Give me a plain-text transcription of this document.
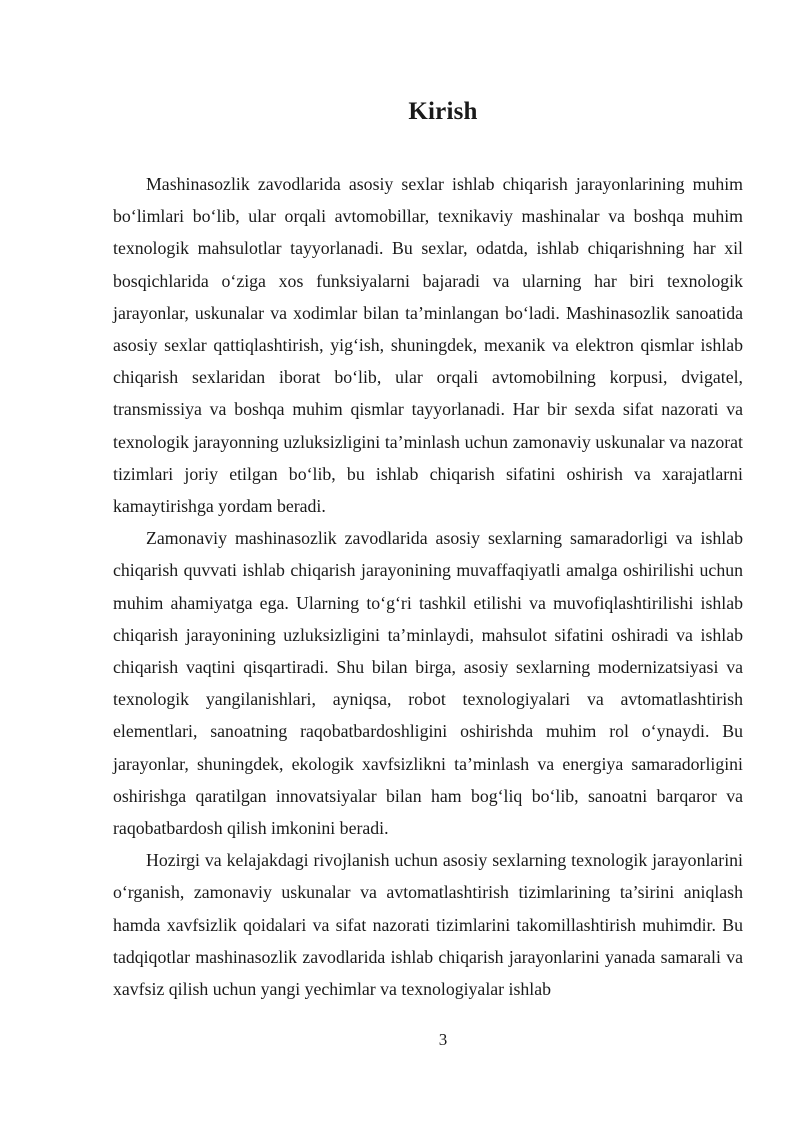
Kirish

Mashinasozlik zavodlarida asosiy sexlar ishlab chiqarish jarayonlarining muhim bo‘limlari bo‘lib, ular orqali avtomobillar, texnikaviy mashinalar va boshqa muhim texnologik mahsulotlar tayyorlanadi. Bu sexlar, odatda, ishlab chiqarishning har xil bosqichlarida o‘ziga xos funksiyalarni bajaradi va ularning har biri texnologik jarayonlar, uskunalar va xodimlar bilan ta’minlangan bo‘ladi. Mashinasozlik sanoatida asosiy sexlar qattiqlashtirish, yig‘ish, shuningdek, mexanik va elektron qismlar ishlab chiqarish sexlaridan iborat bo‘lib, ular orqali avtomobilning korpusi, dvigatel, transmissiya va boshqa muhim qismlar tayyorlanadi. Har bir sexda sifat nazorati va texnologik jarayonning uzluksizligini ta’minlash uchun zamonaviy uskunalar va nazorat tizimlari joriy etilgan bo‘lib, bu ishlab chiqarish sifatini oshirish va xarajatlarni kamaytirishga yordam beradi.

Zamonaviy mashinasozlik zavodlarida asosiy sexlarning samaradorligi va ishlab chiqarish quvvati ishlab chiqarish jarayonining muvaffaqiyatli amalga oshirilishi uchun muhim ahamiyatga ega. Ularning to‘g‘ri tashkil etilishi va muvofiqlashtirilishi ishlab chiqarish jarayonining uzluksizligini ta’minlaydi, mahsulot sifatini oshiradi va ishlab chiqarish vaqtini qisqartiradi. Shu bilan birga, asosiy sexlarning modernizatsiyasi va texnologik yangilanishlari, ayniqsa, robot texnologiyalari va avtomatlashtirish elementlari, sanoatning raqobatbardoshligini oshirishda muhim rol o‘ynaydi. Bu jarayonlar, shuningdek, ekologik xavfsizlikni ta’minlash va energiya samaradorligini oshirishga qaratilgan innovatsiyalar bilan ham bog‘liq bo‘lib, sanoatni barqaror va raqobatbardosh qilish imkonini beradi.

Hozirgi va kelajakdagi rivojlanish uchun asosiy sexlarning texnologik jarayonlarini o‘rganish, zamonaviy uskunalar va avtomatlashtirish tizimlarining ta’sirini aniqlash hamda xavfsizlik qoidalari va sifat nazorati tizimlarini takomillashtirish muhimdir. Bu tadqiqotlar mashinasozlik zavodlarida ishlab chiqarish jarayonlarini yanada samarali va xavfsiz qilish uchun yangi yechimlar va texnologiyalar ishlab

3
